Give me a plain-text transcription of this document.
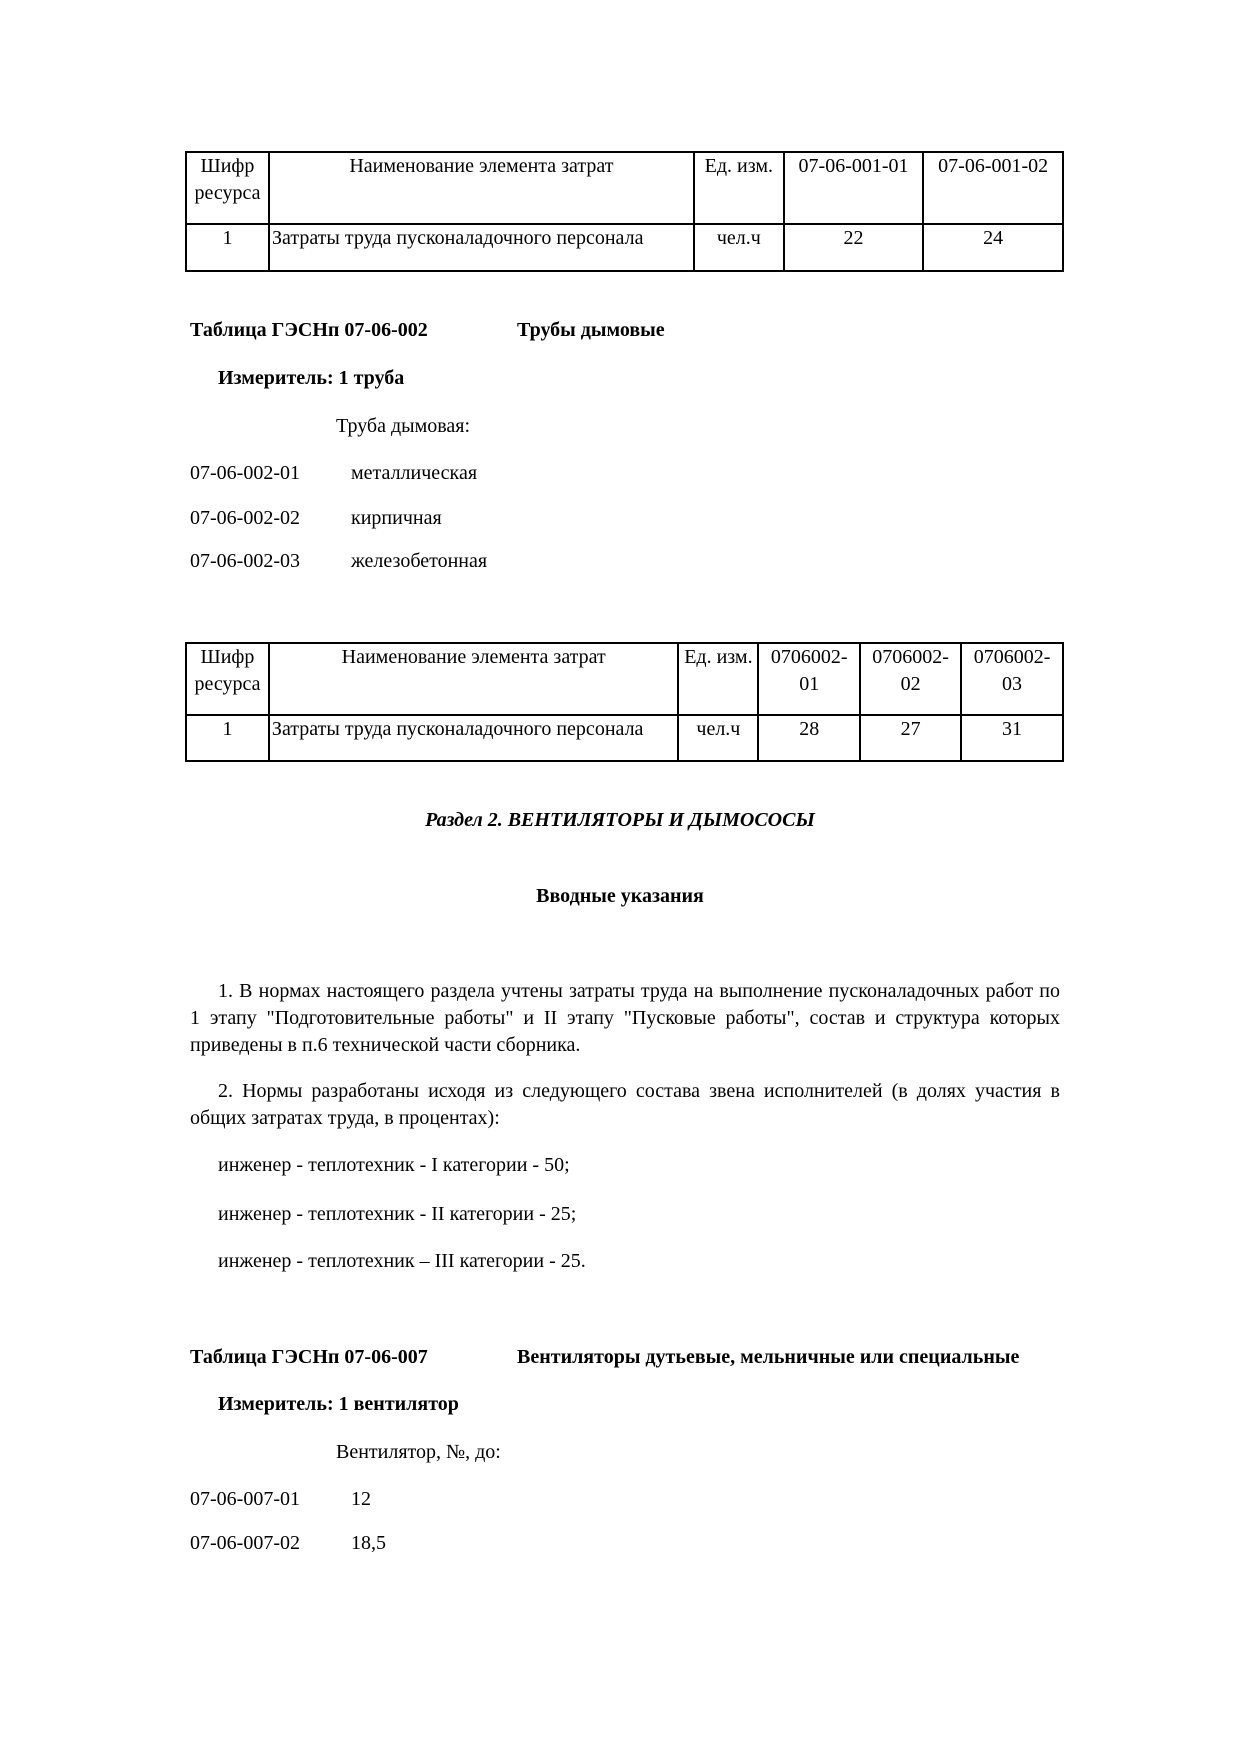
Шифр ресурса	Наименование элемента затрат	Ед. изм.	07-06-001-01	07-06-001-02
1	Затраты труда пусконаладочного персонала	чел.ч	22	24
Таблица ГЭСНп 07-06-002	Трубы дымовые
Измеритель: 1 труба
Труба дымовая:
07-06-002-01	металлическая
07-06-002-02	кирпичная
07-06-002-03	железобетонная
Шифр ресурса	Наименование элемента затрат	Ед. изм.	0706002-01	0706002-02	0706002-03
1	Затраты труда пусконаладочного персонала	чел.ч	28	27	31
Раздел 2. ВЕНТИЛЯТОРЫ И ДЫМОСОСЫ
Вводные указания
1. В нормах настоящего раздела учтены затраты труда на выполнение пусконаладочных работ по 1 этапу "Подготовительные работы" и II этапу "Пусковые работы", состав и структура которых приведены в п.6 технической части сборника.
2. Нормы разработаны исходя из следующего состава звена исполнителей (в долях участия в общих затратах труда, в процентах):
инженер - теплотехник - I категории - 50;
инженер - теплотехник - II категории - 25;
инженер - теплотехник – III категории - 25.
Таблица ГЭСНп 07-06-007	Вентиляторы дутьевые, мельничные или специальные
Измеритель: 1 вентилятор
Вентилятор, №, до:
07-06-007-01	12
07-06-007-02	18,5
